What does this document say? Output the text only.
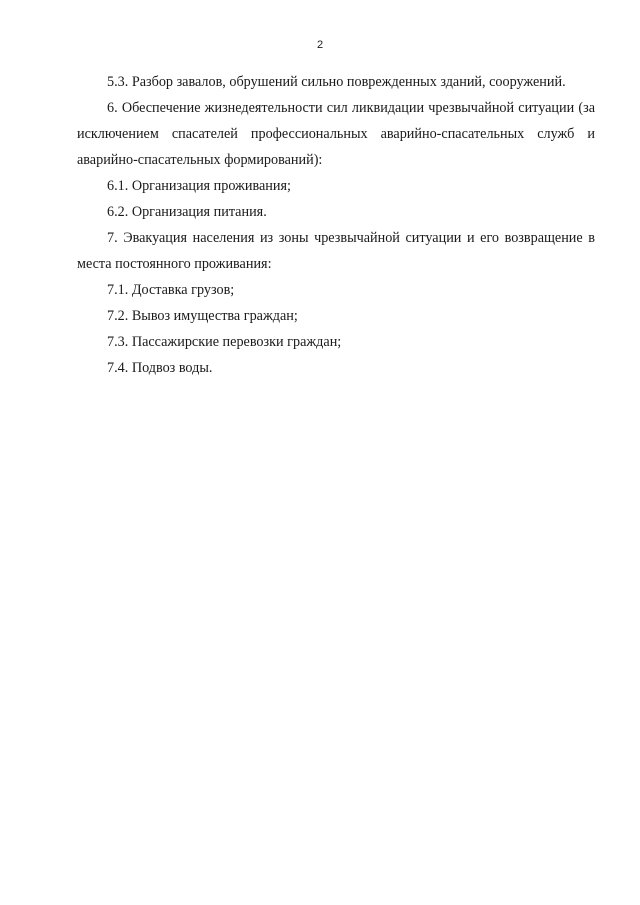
2

5.3. Разбор завалов, обрушений сильно поврежденных зданий, сооружений.

6. Обеспечение жизнедеятельности сил ликвидации чрезвычайной ситуации (за исключением спасателей профессиональных аварийно-спасательных служб и аварийно-спасательных формирований):

6.1. Организация проживания;

6.2. Организация питания.

7. Эвакуация населения из зоны чрезвычайной ситуации и его возвращение в места постоянного проживания:

7.1. Доставка грузов;

7.2. Вывоз имущества граждан;

7.3. Пассажирские перевозки граждан;

7.4. Подвоз воды.
